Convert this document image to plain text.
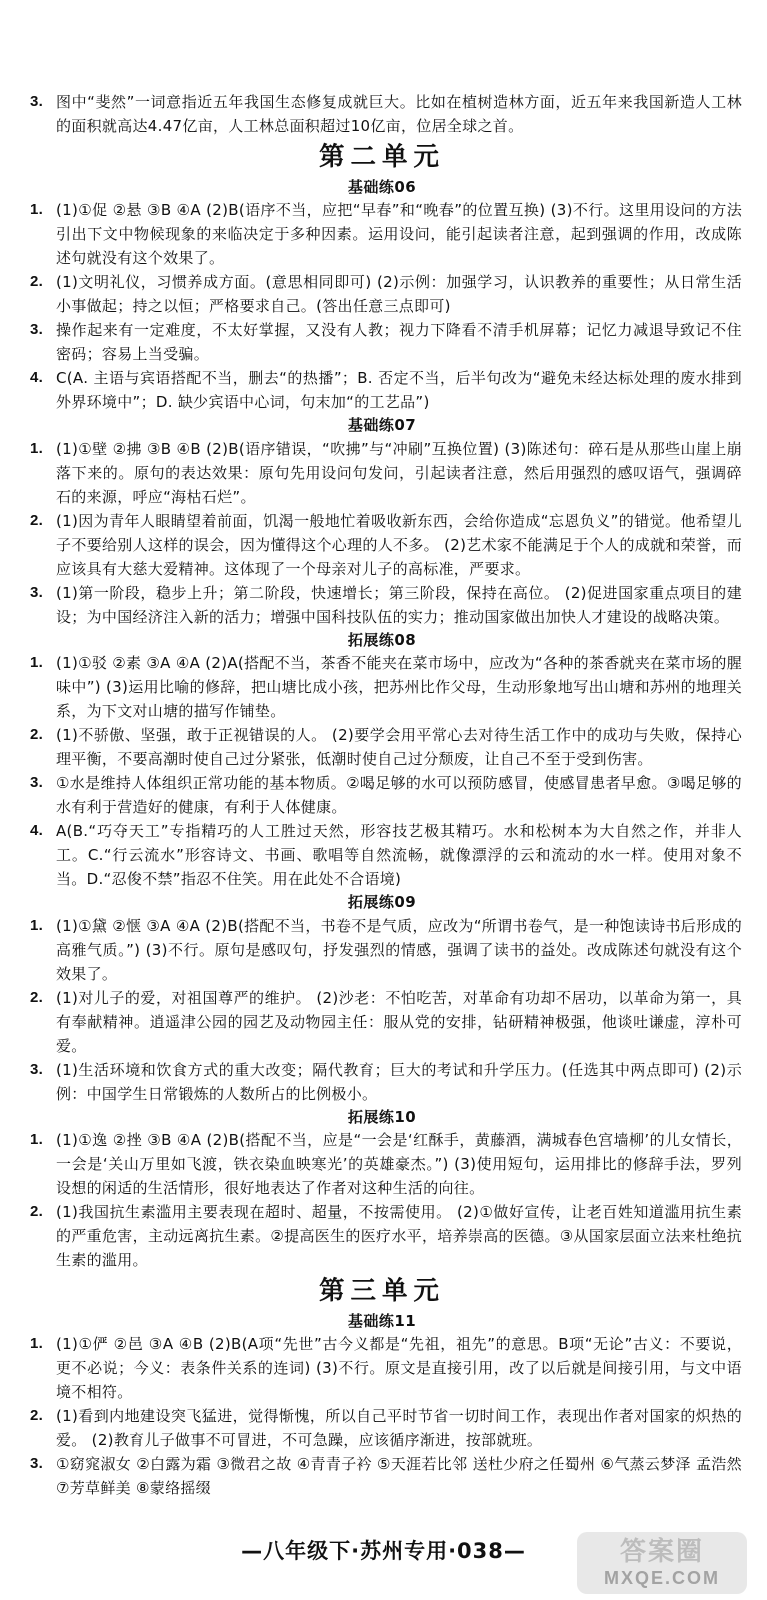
3. 图中“斐然”一词意指近五年我国生态修复成就巨大。比如在植树造林方面，近五年来我国新造人工林的面积就高达4.47亿亩，人工林总面积超过10亿亩，位居全球之首。
第二单元
基础练06
1. (1)①促 ②悬 ③B ④A (2)B(语序不当，应把“早春”和“晚春”的位置互换) (3)不行。这里用设问的方法引出下文中物候现象的来临决定于多种因素。运用设问，能引起读者注意，起到强调的作用，改成陈述句就没有这个效果了。
2. (1)文明礼仪，习惯养成方面。(意思相同即可) (2)示例：加强学习，认识教养的重要性；从日常生活小事做起；持之以恒；严格要求自己。(答出任意三点即可)
3. 操作起来有一定难度，不太好掌握，又没有人教；视力下降看不清手机屏幕；记忆力减退导致记不住密码；容易上当受骗。
4. C(A. 主语与宾语搭配不当，删去“的热播”；B. 否定不当，后半句改为“避免未经达标处理的废水排到外界环境中”；D. 缺少宾语中心词，句末加“的工艺品”)
基础练07
1. (1)①壁 ②拂 ③B ④B (2)B(语序错误，“吹拂”与“冲刷”互换位置) (3)陈述句：碎石是从那些山崖上崩落下来的。原句的表达效果：原句先用设问句发问，引起读者注意，然后用强烈的感叹语气，强调碎石的来源，呼应“海枯石烂”。
2. (1)因为青年人眼睛望着前面，饥渴一般地忙着吸收新东西，会给你造成“忘恩负义”的错觉。他希望儿子不要给别人这样的误会，因为懂得这个心理的人不多。 (2)艺术家不能满足于个人的成就和荣誉，而应该具有大慈大爱精神。这体现了一个母亲对儿子的高标准，严要求。
3. (1)第一阶段，稳步上升；第二阶段，快速增长；第三阶段，保持在高位。 (2)促进国家重点项目的建设；为中国经济注入新的活力；增强中国科技队伍的实力；推动国家做出加快人才建设的战略决策。
拓展练08
1. (1)①驳 ②素 ③A ④A (2)A(搭配不当，茶香不能夹在菜市场中，应改为“各种的茶香就夹在菜市场的腥味中”) (3)运用比喻的修辞，把山塘比成小孩，把苏州比作父母，生动形象地写出山塘和苏州的地理关系，为下文对山塘的描写作铺垫。
2. (1)不骄傲、坚强，敢于正视错误的人。 (2)要学会用平常心去对待生活工作中的成功与失败，保持心理平衡，不要高潮时使自己过分紧张，低潮时使自己过分颓废，让自己不至于受到伤害。
3. ①水是维持人体组织正常功能的基本物质。②喝足够的水可以预防感冒，使感冒患者早愈。③喝足够的水有利于营造好的健康，有利于人体健康。
4. A(B.“巧夺天工”专指精巧的人工胜过天然，形容技艺极其精巧。水和松树本为大自然之作，并非人工。C.“行云流水”形容诗文、书画、歌唱等自然流畅，就像漂浮的云和流动的水一样。使用对象不当。D.“忍俊不禁”指忍不住笑。用在此处不合语境)
拓展练09
1. (1)①黛 ②惬 ③A ④A (2)B(搭配不当，书卷不是气质，应改为“所谓书卷气，是一种饱读诗书后形成的高雅气质。”) (3)不行。原句是感叹句，抒发强烈的情感，强调了读书的益处。改成陈述句就没有这个效果了。
2. (1)对儿子的爱，对祖国尊严的维护。 (2)沙老：不怕吃苦，对革命有功却不居功，以革命为第一，具有奉献精神。逍遥津公园的园艺及动物园主任：服从党的安排，钻研精神极强，他谈吐谦虚，淳朴可爱。
3. (1)生活环境和饮食方式的重大改变；隔代教育；巨大的考试和升学压力。(任选其中两点即可) (2)示例：中国学生日常锻炼的人数所占的比例极小。
拓展练10
1. (1)①逸 ②挫 ③B ④A (2)B(搭配不当，应是“一会是‘红酥手，黄藤酒，满城春色宫墙柳’的儿女情长，一会是‘关山万里如飞渡，铁衣染血映寒光’的英雄豪杰。”) (3)使用短句，运用排比的修辞手法，罗列设想的闲适的生活情形，很好地表达了作者对这种生活的向往。
2. (1)我国抗生素滥用主要表现在超时、超量，不按需使用。 (2)①做好宣传，让老百姓知道滥用抗生素的严重危害，主动远离抗生素。②提高医生的医疗水平，培养崇高的医德。③从国家层面立法来杜绝抗生素的滥用。
第三单元
基础练11
1. (1)①俨 ②邑 ③A ④B (2)B(A项“先世”古今义都是“先祖，祖先”的意思。B项“无论”古义：不要说，更不必说；今义：表条件关系的连词) (3)不行。原文是直接引用，改了以后就是间接引用，与文中语境不相符。
2. (1)看到内地建设突飞猛进，觉得惭愧，所以自己平时节省一切时间工作，表现出作者对国家的炽热的爱。 (2)教育儿子做事不可冒进，不可急躁，应该循序渐进，按部就班。
3. ①窈窕淑女 ②白露为霜 ③微君之故 ④青青子衿 ⑤天涯若比邻 送杜少府之任蜀州 ⑥气蒸云梦泽 孟浩然 ⑦芳草鲜美 ⑧蒙络摇缀
—八年级下·苏州专用·038—	答案圈
MXQE.COM
